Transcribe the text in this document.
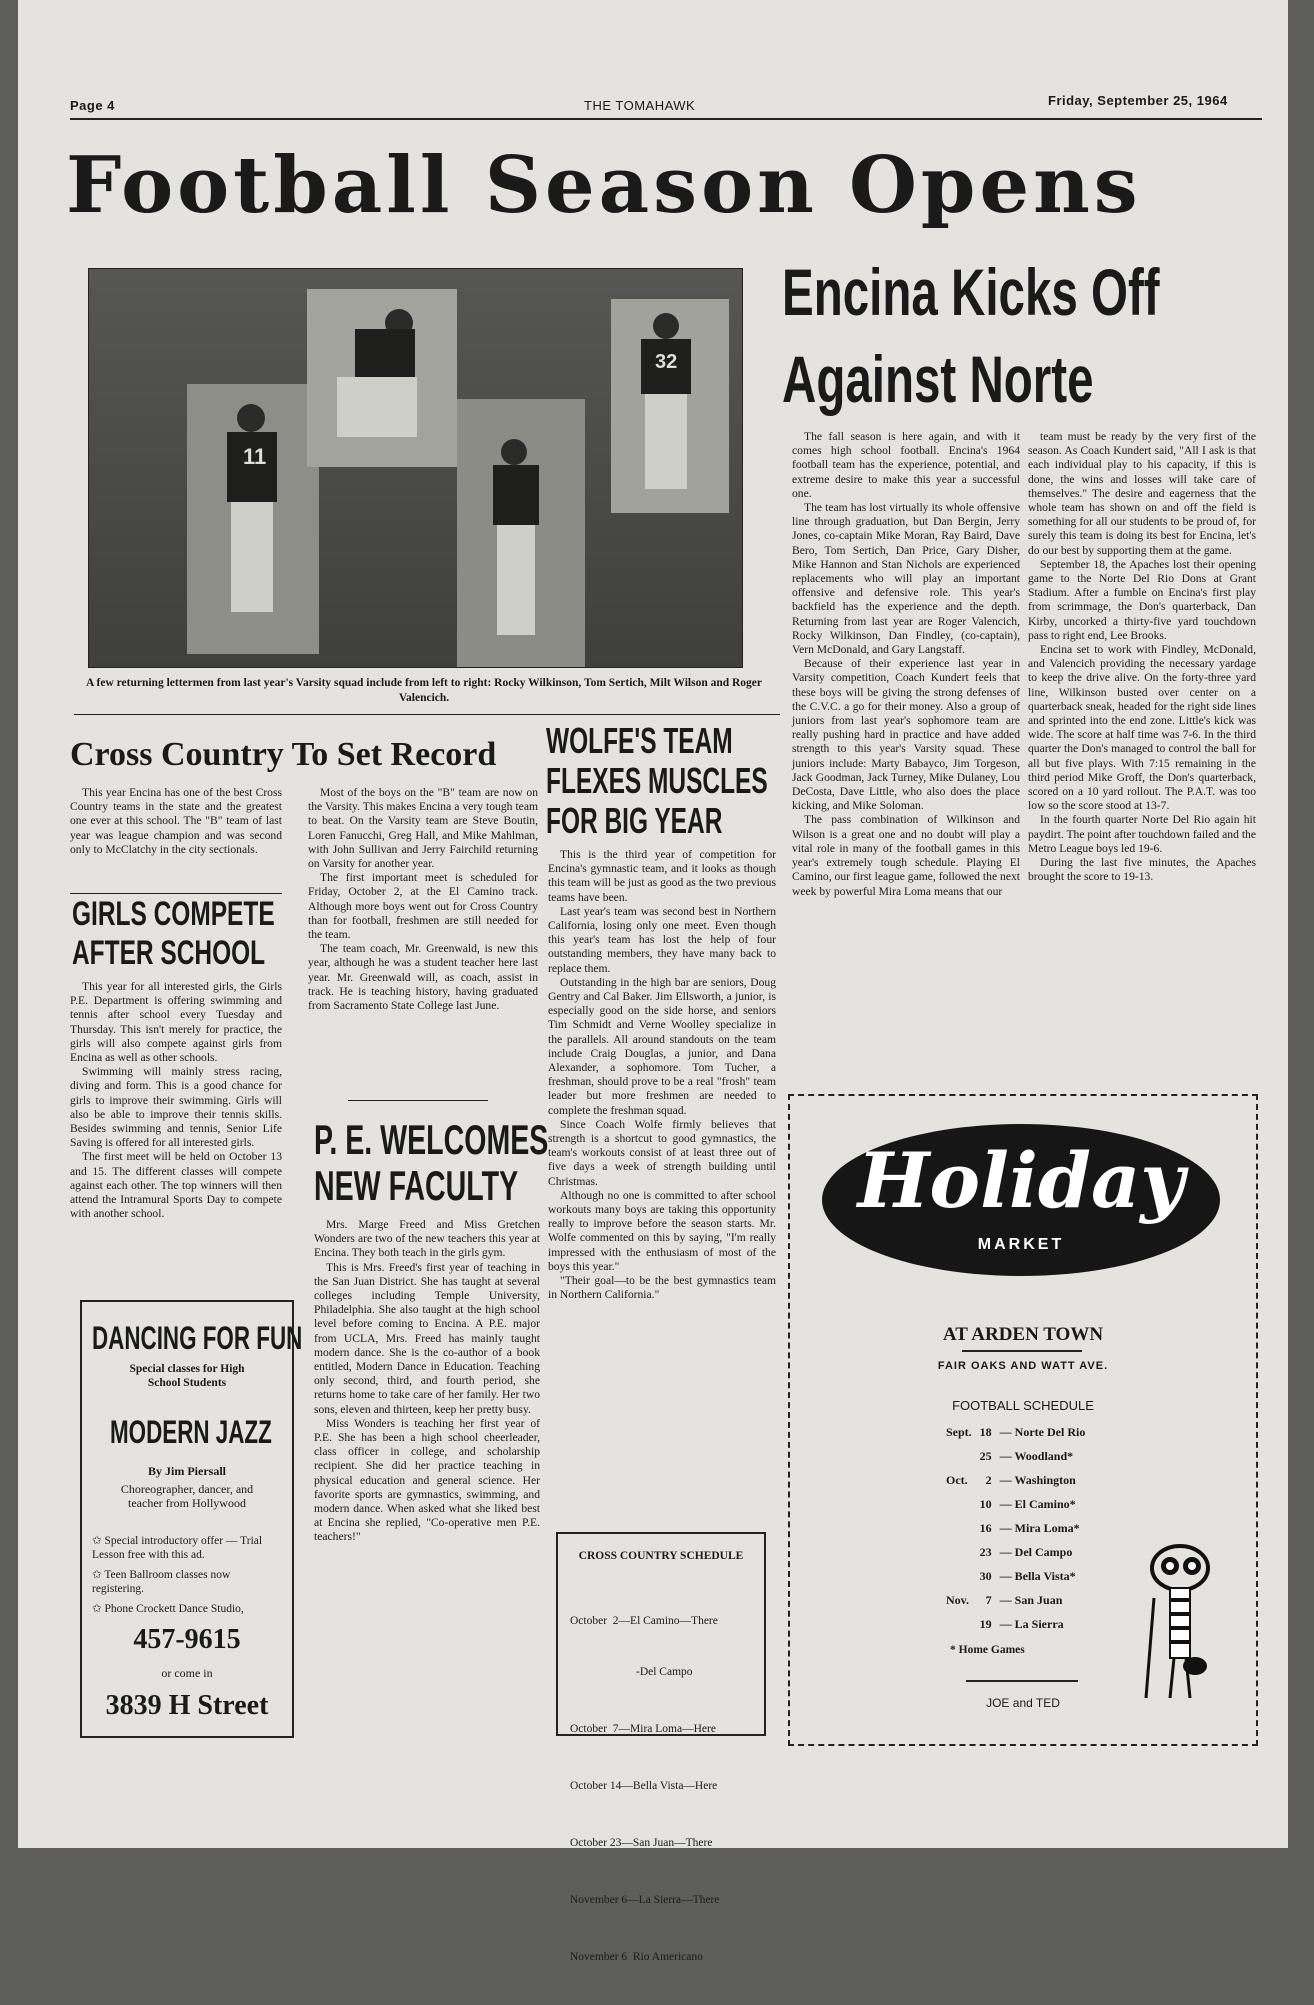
Page 4	THE TOMAHAWK	Friday, September 25, 1964
Football Season Opens
11
32
A few returning lettermen from last year's Varsity squad include from left to right: Rocky Wilkinson, Tom Sertich, Milt Wilson and Roger Valencich.
Encina Kicks Off
Against Norte

The fall season is here again, and with it comes high school football. Encina's 1964 football team has the experience, potential, and extreme desire to make this year a successful one.

The team has lost virtually its whole offensive line through graduation, but Dan Bergin, Jerry Jones, co-captain Mike Moran, Ray Baird, Dave Bero, Tom Sertich, Dan Price, Gary Disher, Mike Hannon and Stan Nichols are experienced replacements who will play an important offensive and defensive role. This year's backfield has the experience and the depth. Returning from last year are Roger Valencich, Rocky Wilkinson, Dan Findley, (co-captain), Vern McDonald, and Gary Langstaff.

Because of their experience last year in Varsity competition, Coach Kundert feels that these boys will be giving the strong defenses of the C.V.C. a go for their money. Also a group of juniors from last year's sophomore team are really pushing hard in practice and have added strength to this year's Varsity squad. These juniors include: Marty Babayco, Jim Torgeson, Jack Goodman, Jack Turney, Mike Dulaney, Lou DeCosta, Dave Little, who also does the place kicking, and Mike Soloman.

The pass combination of Wilkinson and Wilson is a great one and no doubt will play a vital role in many of the football games in this year's extremely tough schedule. Playing El Camino, our first league game, followed the next week by powerful Mira Loma means that our

team must be ready by the very first of the season. As Coach Kundert said, "All I ask is that each individual play to his capacity, if this is done, the wins and losses will take care of themselves." The desire and eagerness that the whole team has shown on and off the field is something for all our students to be proud of, for surely this team is doing its best for Encina, let's do our best by supporting them at the game.

September 18, the Apaches lost their opening game to the Norte Del Rio Dons at Grant Stadium. After a fumble on Encina's first play from scrimmage, the Don's quarterback, Dan Kirby, uncorked a thirty-five yard touchdown pass to right end, Lee Brooks.

Encina set to work with Findley, McDonald, and Valencich providing the necessary yardage to keep the drive alive. On the forty-three yard line, Wilkinson busted over center on a quarterback sneak, headed for the right side lines and sprinted into the end zone. Little's kick was wide. The score at half time was 7-6. In the third quarter the Don's managed to control the ball for all but five plays. With 7:15 remaining in the third period Mike Groff, the Don's quarterback, scored on a 10 yard rollout. The P.A.T. was too low so the score stood at 13-7.

In the fourth quarter Norte Del Rio again hit paydirt. The point after touchdown failed and the Metro League boys led 19-6.

During the last five minutes, the Apaches brought the score to 19-13.

Cross Country To Set Record

This year Encina has one of the best Cross Country teams in the state and the greatest one ever at this school. The "B" team of last year was league champion and was second only to McClatchy in the city sectionals.

Most of the boys on the "B" team are now on the Varsity. This makes Encina a very tough team to beat. On the Varsity team are Steve Boutin, Loren Fanucchi, Greg Hall, and Mike Mahlman, with John Sullivan and Jerry Fairchild returning on Varsity for another year.

The first important meet is scheduled for Friday, October 2, at the El Camino track. Although more boys went out for Cross Country than for football, freshmen are still needed for the team.

The team coach, Mr. Greenwald, is new this year, although he was a student teacher here last year. Mr. Greenwald will, as coach, assist in track. He is teaching history, having graduated from Sacramento State College last June.

GIRLS COMPETE
AFTER SCHOOL

This year for all interested girls, the Girls P.E. Department is offering swimming and tennis after school every Tuesday and Thursday. This isn't merely for practice, the girls will also compete against girls from Encina as well as other schools.

Swimming will mainly stress racing, diving and form. This is a good chance for girls to improve their swimming. Girls will also be able to improve their tennis skills. Besides swimming and tennis, Senior Life Saving is offered for all interested girls.

The first meet will be held on October 13 and 15. The different classes will compete against each other. The top winners will then attend the Intramural Sports Day to compete with another school.

DANCING FOR FUN
Special classes for High School Students
MODERN JAZZ
By Jim Piersall
Choreographer, dancer, and teacher from Hollywood
✩ Special introductory offer — Trial Lesson free with this ad.
✩ Teen Ballroom classes now registering.
✩ Phone Crockett Dance Studio,
457-9615
or come in
3839 H Street
P. E. WELCOMES
NEW FACULTY

Mrs. Marge Freed and Miss Gretchen Wonders are two of the new teachers this year at Encina. They both teach in the girls gym.

This is Mrs. Freed's first year of teaching in the San Juan District. She has taught at several colleges including Temple University, Philadelphia. She also taught at the high school level before coming to Encina. A P.E. major from UCLA, Mrs. Freed has mainly taught modern dance. She is the co-author of a book entitled, Modern Dance in Education. Teaching only second, third, and fourth period, she returns home to take care of her family. Her two sons, eleven and thirteen, keep her pretty busy.

Miss Wonders is teaching her first year of P.E. She has been a high school cheerleader, class officer in college, and scholarship recipient. She did her practice teaching in physical education and general science. Her favorite sports are gymnastics, swimming, and modern dance. When asked what she liked best at Encina she replied, "Co-operative men P.E. teachers!"

WOLFE'S TEAM
FLEXES MUSCLES
FOR BIG YEAR

This is the third year of competition for Encina's gymnastic team, and it looks as though this team will be just as good as the two previous teams have been.

Last year's team was second best in Northern California, losing only one meet. Even though this year's team has lost the help of four outstanding members, they have many back to replace them.

Outstanding in the high bar are seniors, Doug Gentry and Cal Baker. Jim Ellsworth, a junior, is especially good on the side horse, and seniors Tim Schmidt and Verne Woolley specialize in the parallels. All around standouts on the team include Craig Douglas, a junior, and Dana Alexander, a sophomore. Tom Tucher, a freshman, should prove to be a real "frosh" team leader but more freshmen are needed to complete the freshman squad.

Since Coach Wolfe firmly believes that strength is a shortcut to good gymnastics, the team's workouts consist of at least three out of five days a week of strength building until Christmas.

Although no one is committed to after school workouts many boys are taking this opportunity really to improve before the season starts. Mr. Wolfe commented on this by saying, "I'm really impressed with the enthusiasm of most of the boys this year."

"Their goal—to be the best gymnastics team in Northern California."

CROSS COUNTRY SCHEDULE

October  2—El Camino—There

-Del Campo

October  7—Mira Loma—Here

October 14—Bella Vista—Here

October 23—San Juan—There

November 6—La Sierra—There

November 6  Rio Americano

Holiday
MARKET
AT ARDEN TOWN
FAIR OAKS AND WATT AVE.
FOOTBALL SCHEDULE
Sept.	18	— Norte Del Rio
	25	— Woodland*
Oct.	2	— Washington
	10	— El Camino*
	16	— Mira Loma*
	23	— Del Campo
	30	— Bella Vista*
Nov.	7	— San Juan
	19	— La Sierra
* Home Games
JOE and TED
